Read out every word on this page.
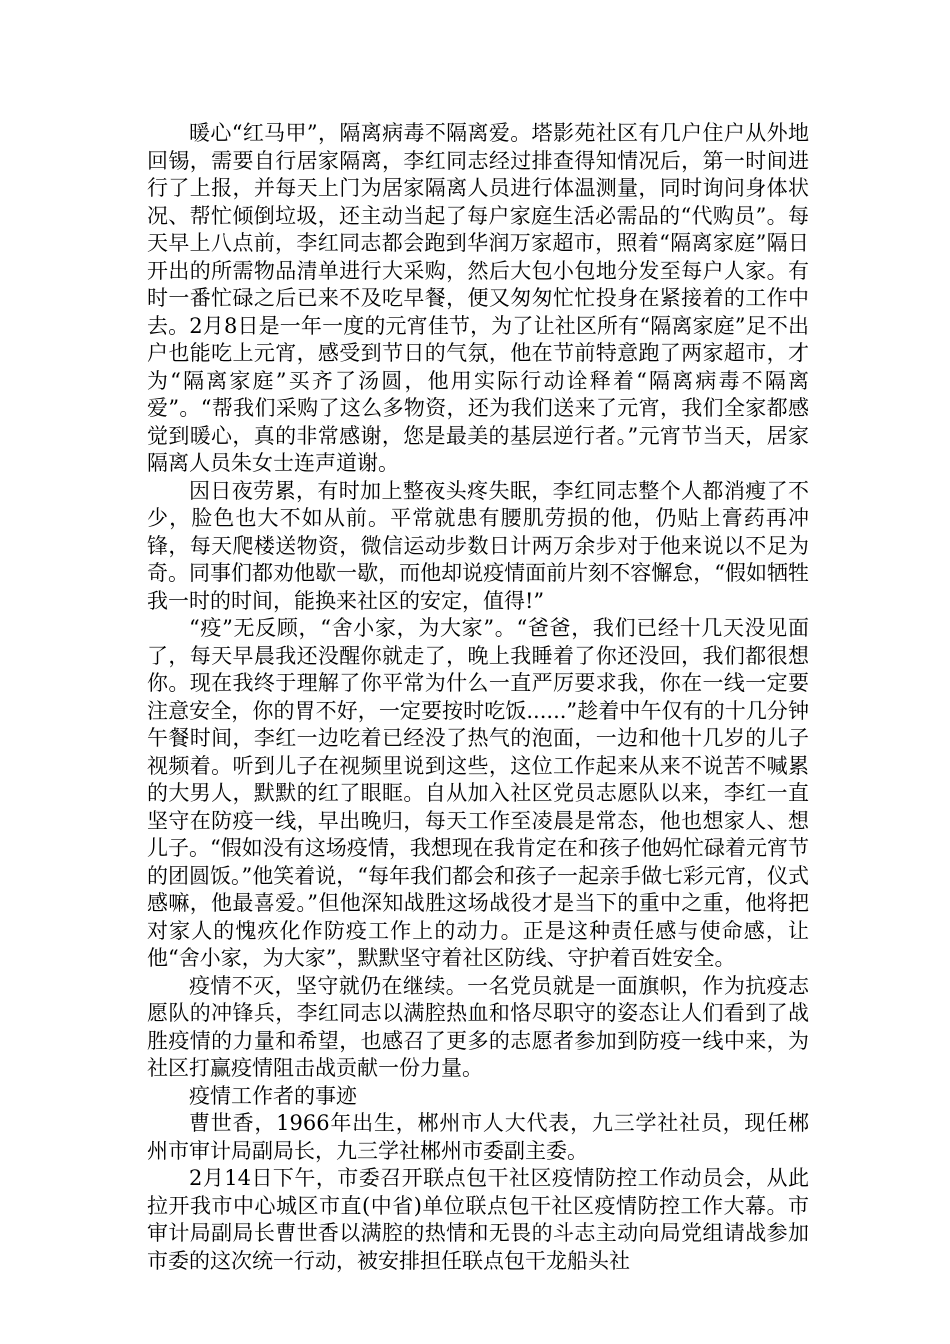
暖心“红马甲”，隔离病毒不隔离爱。塔影苑社区有几户住户从外地回锡，需要自行居家隔离，李红同志经过排查得知情况后，第一时间进行了上报，并每天上门为居家隔离人员进行体温测量，同时询问身体状况、帮忙倾倒垃圾，还主动当起了每户家庭生活必需品的“代购员”。每天早上八点前，李红同志都会跑到华润万家超市，照着“隔离家庭”隔日开出的所需物品清单进行大采购，然后大包小包地分发至每户人家。有时一番忙碌之后已来不及吃早餐，便又匆匆忙忙投身在紧接着的工作中去。2月8日是一年一度的元宵佳节，为了让社区所有“隔离家庭”足不出户也能吃上元宵，感受到节日的气氛，他在节前特意跑了两家超市，才为“隔离家庭”买齐了汤圆，他用实际行动诠释着“隔离病毒不隔离爱”。“帮我们采购了这么多物资，还为我们送来了元宵，我们全家都感觉到暖心，真的非常感谢，您是最美的基层逆行者。”元宵节当天，居家隔离人员朱女士连声道谢。

因日夜劳累，有时加上整夜头疼失眠，李红同志整个人都消瘦了不少，脸色也大不如从前。平常就患有腰肌劳损的他，仍贴上膏药再冲锋，每天爬楼送物资，微信运动步数日计两万余步对于他来说以不足为奇。同事们都劝他歇一歇，而他却说疫情面前片刻不容懈怠，“假如牺牲我一时的时间，能换来社区的安定，值得!”

“疫”无反顾，“舍小家，为大家”。“爸爸，我们已经十几天没见面了，每天早晨我还没醒你就走了，晚上我睡着了你还没回，我们都很想你。现在我终于理解了你平常为什么一直严厉要求我，你在一线一定要注意安全，你的胃不好，一定要按时吃饭......”趁着中午仅有的十几分钟午餐时间，李红一边吃着已经没了热气的泡面，一边和他十几岁的儿子视频着。听到儿子在视频里说到这些，这位工作起来从来不说苦不喊累的大男人，默默的红了眼眶。自从加入社区党员志愿队以来，李红一直坚守在防疫一线，早出晚归，每天工作至凌晨是常态，他也想家人、想儿子。“假如没有这场疫情，我想现在我肯定在和孩子他妈忙碌着元宵节的团圆饭。”他笑着说，“每年我们都会和孩子一起亲手做七彩元宵，仪式感嘛，他最喜爱。”但他深知战胜这场战役才是当下的重中之重，他将把对家人的愧疚化作防疫工作上的动力。正是这种责任感与使命感，让他“舍小家，为大家”，默默坚守着社区防线、守护着百姓安全。

疫情不灭，坚守就仍在继续。一名党员就是一面旗帜，作为抗疫志愿队的冲锋兵，李红同志以满腔热血和恪尽职守的姿态让人们看到了战胜疫情的力量和希望，也感召了更多的志愿者参加到防疫一线中来，为社区打赢疫情阻击战贡献一份力量。

疫情工作者的事迹

曹世香，1966年出生，郴州市人大代表，九三学社社员，现任郴州市审计局副局长，九三学社郴州市委副主委。

2月14日下午，市委召开联点包干社区疫情防控工作动员会，从此拉开我市中心城区市直(中省)单位联点包干社区疫情防控工作大幕。市审计局副局长曹世香以满腔的热情和无畏的斗志主动向局党组请战参加市委的这次统一行动，被安排担任联点包干龙船头社
